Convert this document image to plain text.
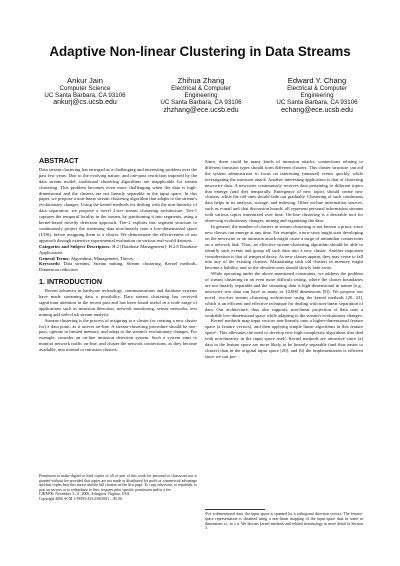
Adaptive Non-linear Clustering in Data Streams
Ankur Jain
Computer Science
UC Santa Barbara, CA 93106
ankurj@cs.ucsb.edu
Zhihua Zhang
Electrical & Computer
Engineering
UC Santa Barbara, CA 93106
zhzhang@ece.ucsb.edu
Edward Y. Chang
Electrical & Computer
Engineering
UC Santa Barbara, CA 93106
echang@ece.ucsb.edu
ABSTRACT

Data stream clustering has emerged as a challenging and interesting problem over the past few years. Due to the evolving nature, and one-pass restriction imposed by the data stream model, traditional clustering algorithms are inapplicable for stream clustering. This problem becomes even more challenging when the data is high-dimensional and the clusters are not linearly separable in the input space. In this paper, we propose a non-linear stream clustering algorithm that adapts to the stream's evolutionary changes. Using the kernel methods for dealing with the non-linearity of data separation, we propose a novel 2-tier stream clustering architecture. Tier-1 captures the temporal locality in the stream, by partitioning it into segments, using a kernel-based novelty detection approach. Tier-2 exploits this segment structure to continuously project the streaming data non-linearly onto a low-dimensional space (LDS), before assigning them to a cluster. We demonstrate the effectiveness of our approach through extensive experimental evaluation on various real-world datasets.

Categories and Subject Descriptors: H.2 [Database Management]: H.2.8 Database Applications

General Terms: Algorithms, Management, Theory.

Keywords: Data streams, Stream mining, Stream clustering, Kernel methods, Dimension reduction

1. INTRODUCTION

Recent advances in hardware technology, communications and database systems have made streaming data a possibility. Data stream clustering has received significant attention in the recent past and has been found useful in a wide range of applications such as intrusion detection, network monitoring, sensor networks, text mining and web-click stream analysis.

Stream-clustering is the process of assigning to a cluster (or creating a new cluster for) a data point, as it arrives on-line. A stream-clustering procedure should be one-pass, operate in limited memory, and adapt to the stream's evolutionary changes. For example, consider an on-line intrusion detection system. Such a system aims to monitor network traffic on-line, and cluster the network connections, as they become available, into normal or intrusion clusters.

Permission to make digital or hard copies of all or part of this work for personal or classroom use is granted without fee provided that copies are not made or distributed for profit or commercial advantage and that copies bear this notice and the full citation on the first page. To copy otherwise, to republish, to post on servers or to redistribute to lists, requires prior specific permission and/or a fee.

CIKM'06, November 5–11, 2006, Arlington, Virginia, USA.

Copyright 2006 ACM 1-59593-433-2/06/0011 ...$5.00.

Since, there could be many kinds of intrusion attacks, connections relating to different intrusion types should form different clusters. This cluster structure can aid the system administrator to focus on interesting (unusual) events quickly, while investigating the intrusion attack. Another interesting application is that of clustering newswire data. A newswire continuously receives data pertaining to different topics that emerge (and die) temporally. Emergence of new topics should create new clusters, while the old ones should fade out gradually. Clustering of such continuous data helps in its analysis, storage, and indexing. Other on-line information sources, such as e-mail and chat discussion boards, all represent personal information streams with various topics intermixed over time. On-line clustering is a desirable tool for observing evolutionary changes, mining and organizing the data.

In general, the number of clusters in stream clustering is not known a priori, since new classes can emerge at any time. For example, a new story might start developing on the newswire or an intrusion attack might cause a surge of unfamiliar connections on a network link. Thus, an effective stream-clustering algorithm should be able to identify such events and group all such data into a new cluster. Another important consideration is that of temporal decay. As new classes appear, they may cease to fall into any of the existing clusters. Maintaining such old clusters in memory might become a liability, and so the obsolete ones should slowly fade away.

While operating under the above mentioned constraints, we address the problem of stream clustering in an even more difficult setting, where the cluster boundaries are not linearly separable and the streaming data is high-dimensional in nature (e.g., newswire text data can have as many as 10,000 dimensions [9]). We propose our novel, two-tier stream clustering architecture using the kernel methods [20, 23], which is an efficient and effective technique for dealing with non-linear separation of data. Our architecture, thus also supports, non-linear projection of data onto a workable low-dimensional space while adapting to the stream's evolutionary changes.

Kernel methods map input vectors non-linearly onto a higher-dimensional feature space (a feature vectors), and then applying simple linear algorithms in this feature space¹. This alleviates the need to develop new high-complexity algorithms that deal with non-linearity in the input space itself. Kernel methods are attractive since (a) data in the feature space are more likely to be linearly separable (and thus easier to cluster) than in the original input space [20], and (b) the implementation is efficient since we can per-

¹For n-dimensional data, the input space is spanned by n orthogonal direction vectors. The feature-space representation is obtained using a non-linear mapping of the input-space data in some m dimensions s.t. m ≥ n. We discuss kernel methods and related terminology in more detail in Section 3.
